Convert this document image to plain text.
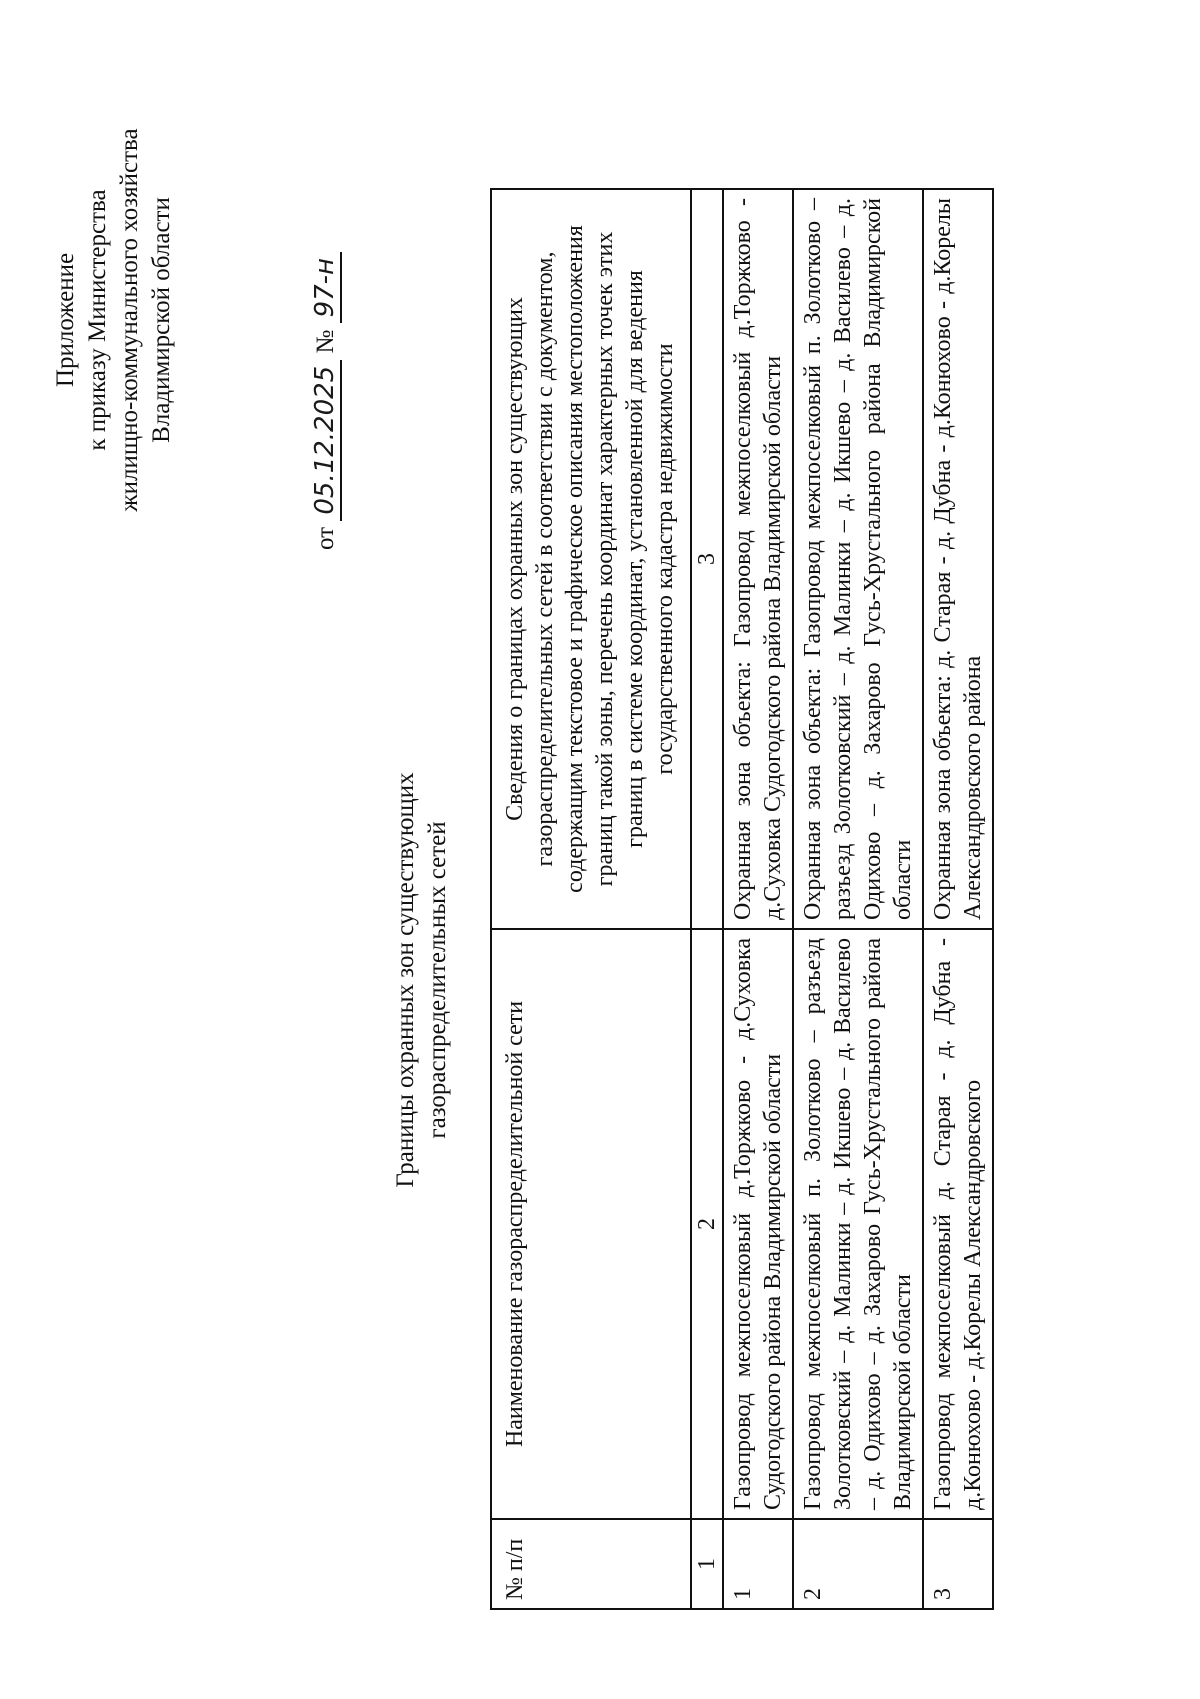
Приложение к приказу Министерства жилищно-коммунального хозяйства Владимирской области
от 05.12.2025 № 97-н
Границы охранных зон существующих газораспределительных сетей
№ п/п	Наименование газораспределительной сети	Сведения о границах охранных зон существующих газораспределительных сетей в соответствии с документом, содержащим текстовое и графическое описания местоположения границ такой зоны, перечень координат характерных точек этих границ в системе координат, установленной для ведения государственного кадастра недвижимости
1	2	3
1	Газопровод межпоселковый д.Торжково - д.Суховка Судогодского района Владимирской области	Охранная зона объекта: Газопровод межпоселковый д.Торжково - д.Суховка Судогодского района Владимирской области
2	Газопровод межпоселковый п. Золотково – разъезд Золотковский – д. Малинки – д. Икшево – д. Василево – д. Одихово – д. Захарово Гусь-Хрустального района Владимирской области	Охранная зона объекта: Газопровод межпоселковый п. Золотково – разъезд Золотковский – д. Малинки – д. Икшево – д. Василево – д. Одихово – д. Захарово Гусь-Хрустального района Владимирской области
3	Газопровод межпоселковый д. Старая - д. Дубна - д.Конюхово - д.Корелы Александровского	Охранная зона объекта: д. Старая - д. Дубна - д.Конюхово - д.Корелы Александровского района
